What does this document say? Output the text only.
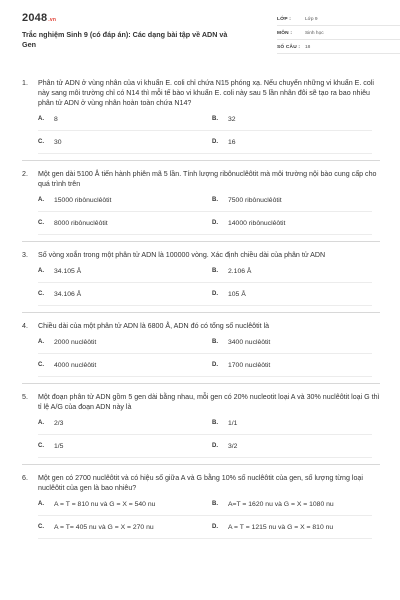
2048.vn
Trắc nghiệm Sinh 9 (có đáp án): Các dạng bài tập về ADN và Gen
LỚP :	Lớp 9
MÔN :	Sinh học
SỐ CÂU :	18
1.	Phân tử ADN ở vùng nhân của vi khuẩn E. coli chỉ chứa N15 phóng xạ. Nếu chuyển những vi khuẩn E. coli này sang môi trường chỉ có N14 thì mỗi tế bào vi khuẩn E. coli này sau 5 lần nhân đôi sẽ tạo ra bao nhiêu phân tử ADN ở vùng nhân hoàn toàn chứa N14?
A.	8	B.	32
C.	30	D.	16
2.	Một gen dài 5100 Å tiến hành phiên mã 5 lần. Tính lượng ribônuclêôtit mà môi trường nội bào cung cấp cho quá trình trên
A.	15000 ribônuclêôtit	B.	7500 ribônuclêôtit
C.	8000 ribônuclêôtit	D.	14000 ribônuclêôtit
3.	Số vòng xoắn trong một phân tử ADN là 100000 vòng. Xác định chiều dài của phân tử ADN
A.	34.105 Å	B.	2.106 Å
C.	34.106 Å	D.	105 Å
4.	Chiều dài của một phân tử ADN là 6800 Å, ADN đó có tổng số nuclêôtit là
A.	2000 nuclêôtit	B.	3400 nuclêôtit
C.	4000 nuclêôtit	D.	1700 nuclêôtit
5.	Một đoạn phân tử ADN gồm 5 gen dài bằng nhau, mỗi gen có 20% nucleotit loại A và 30% nuclêôtit loại G thì tỉ lệ A/G của đoạn ADN này là
A.	2/3	B.	1/1
C.	1/5	D.	3/2
6.	Một gen có 2700 nuclêôtit và có hiệu số giữa A và G bằng 10% số nuclêôtit của gen, số lượng từng loại nuclêôtit của gen là bao nhiêu?
A.	A = T = 810 nu và G = X = 540 nu	B.	A=T = 1620 nu và G = X = 1080 nu
C.	A = T= 405 nu và G = X = 270 nu	D.	A = T = 1215 nu và G = X = 810 nu
